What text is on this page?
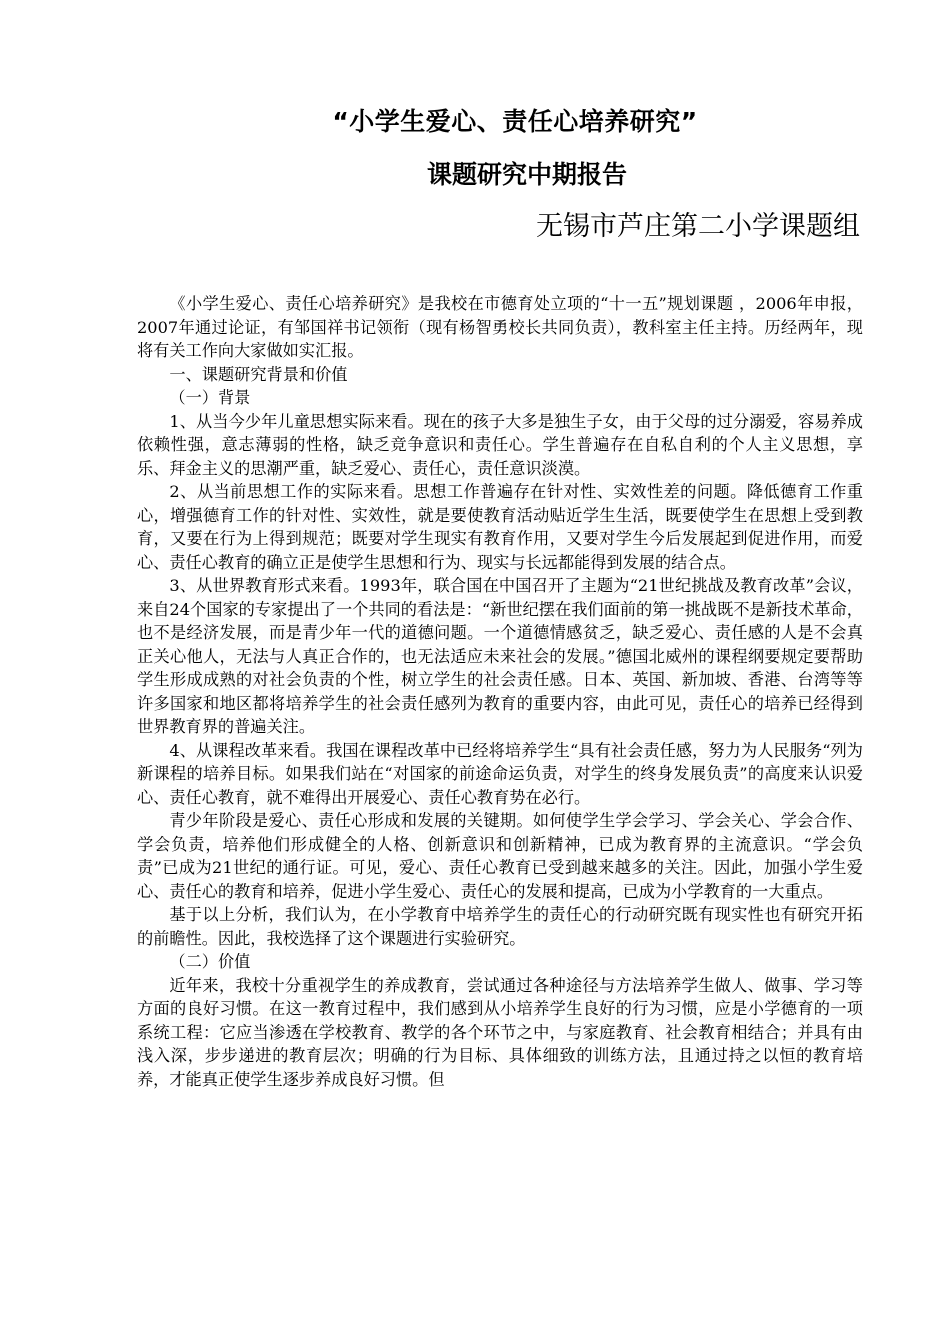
“小学生爱心、责任心培养研究”
课题研究中期报告
无锡市芦庄第二小学课题组

《小学生爱心、责任心培养研究》是我校在市德育处立项的“十一五”规划课题 ，2006年申报，2007年通过论证，有邹国祥书记领衔（现有杨智勇校长共同负责），教科室主任主持。历经两年，现将有关工作向大家做如实汇报。

一、课题研究背景和价值

（一）背景

1、从当今少年儿童思想实际来看。现在的孩子大多是独生子女，由于父母的过分溺爱，容易养成依赖性强，意志薄弱的性格，缺乏竞争意识和责任心。学生普遍存在自私自利的个人主义思想，享乐、拜金主义的思潮严重，缺乏爱心、责任心，责任意识淡漠。

2、从当前思想工作的实际来看。思想工作普遍存在针对性、实效性差的问题。降低德育工作重心，增强德育工作的针对性、实效性，就是要使教育活动贴近学生生活，既要使学生在思想上受到教育，又要在行为上得到规范；既要对学生现实有教育作用，又要对学生今后发展起到促进作用，而爱心、责任心教育的确立正是使学生思想和行为、现实与长远都能得到发展的结合点。

3、从世界教育形式来看。1993年，联合国在中国召开了主题为“21世纪挑战及教育改革”会议，来自24个国家的专家提出了一个共同的看法是：“新世纪摆在我们面前的第一挑战既不是新技术革命，也不是经济发展，而是青少年一代的道德问题。一个道德情感贫乏，缺乏爱心、责任感的人是不会真正关心他人，无法与人真正合作的，也无法适应未来社会的发展。”德国北威州的课程纲要规定要帮助学生形成成熟的对社会负责的个性，树立学生的社会责任感。日本、英国、新加坡、香港、台湾等等许多国家和地区都将培养学生的社会责任感列为教育的重要内容，由此可见，责任心的培养已经得到世界教育界的普遍关注。

4、从课程改革来看。我国在课程改革中已经将培养学生“具有社会责任感，努力为人民服务“列为新课程的培养目标。如果我们站在“对国家的前途命运负责，对学生的终身发展负责”的高度来认识爱心、责任心教育，就不难得出开展爱心、责任心教育势在必行。

青少年阶段是爱心、责任心形成和发展的关键期。如何使学生学会学习、学会关心、学会合作、学会负责，培养他们形成健全的人格、创新意识和创新精神，已成为教育界的主流意识。“学会负责”已成为21世纪的通行证。可见，爱心、责任心教育已受到越来越多的关注。因此，加强小学生爱心、责任心的教育和培养，促进小学生爱心、责任心的发展和提高，已成为小学教育的一大重点。

基于以上分析，我们认为，在小学教育中培养学生的责任心的行动研究既有现实性也有研究开拓的前瞻性。因此，我校选择了这个课题进行实验研究。

（二）价值

近年来，我校十分重视学生的养成教育，尝试通过各种途径与方法培养学生做人、做事、学习等方面的良好习惯。在这一教育过程中，我们感到从小培养学生良好的行为习惯，应是小学德育的一项系统工程：它应当渗透在学校教育、教学的各个环节之中，与家庭教育、社会教育相结合；并具有由浅入深，步步递进的教育层次；明确的行为目标、具体细致的训练方法，且通过持之以恒的教育培养，才能真正使学生逐步养成良好习惯。但
